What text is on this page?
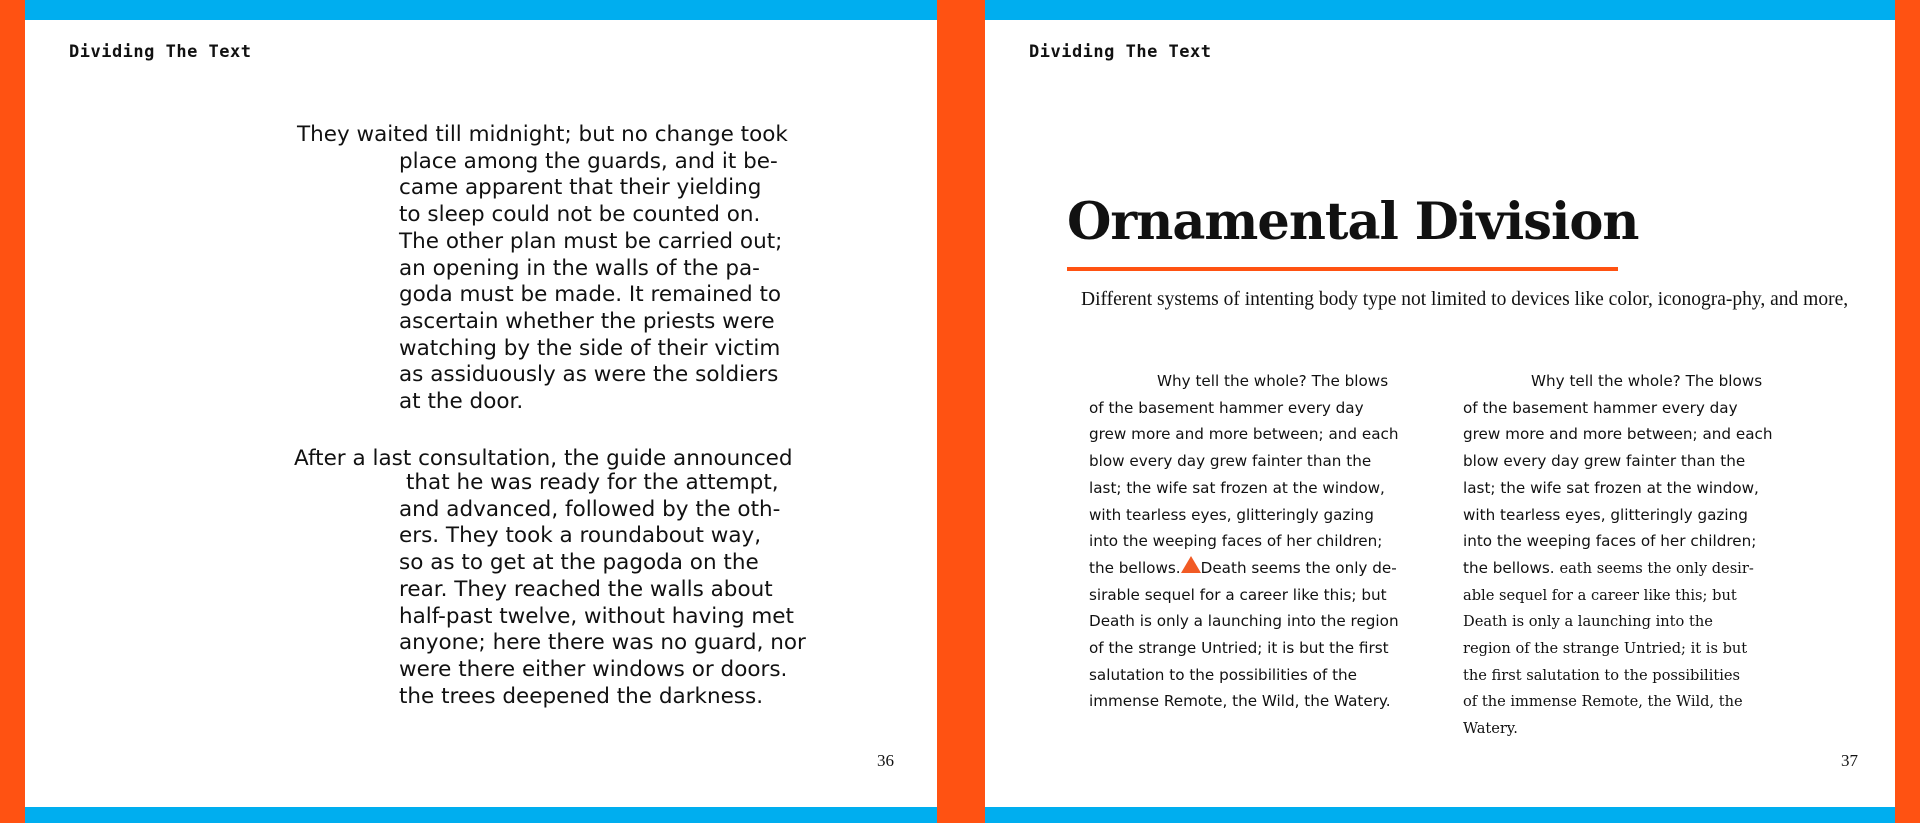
Dividing The Text

They waited till midnight; but no change took
place among the guards, and it be-
came apparent that their yielding
to sleep could not be counted on.
The other plan must be carried out;
an opening in the walls of the pa-
goda must be made. It remained to
ascertain whether the priests were
watching by the side of their victim
as assiduously as were the soldiers
at the door.

After a last consultation, the guide announced
that he was ready for the attempt,
and advanced, followed by the oth-
ers. They took a roundabout way,
so as to get at the pagoda on the
rear. They reached the walls about
half-past twelve, without having met
anyone; here there was no guard, nor
were there either windows or doors.
the trees deepened the darkness.

36
Dividing The Text
Ornamental Division

Different systems of intenting body type not limited to devices like color, iconogra-phy, and more,

Why tell the whole? The blows
of the basement hammer every day
grew more and more between; and each
blow every day grew fainter than the
last; the wife sat frozen at the window,
with tearless eyes, glitteringly gazing
into the weeping faces of her children;
the bellows. Death seems the only de-
sirable sequel for a career like this; but
Death is only a launching into the region
of the strange Untried; it is but the first
salutation to the possibilities of the
immense Remote, the Wild, the Watery.

Why tell the whole? The blows
of the basement hammer every day
grew more and more between; and each
blow every day grew fainter than the
last; the wife sat frozen at the window,
with tearless eyes, glitteringly gazing
into the weeping faces of her children;
the bellows. eath seems the only desir-
able sequel for a career like this; but
Death is only a launching into the
region of the strange Untried; it is but
the first salutation to the possibilities
of the immense Remote, the Wild, the
Watery.

37
